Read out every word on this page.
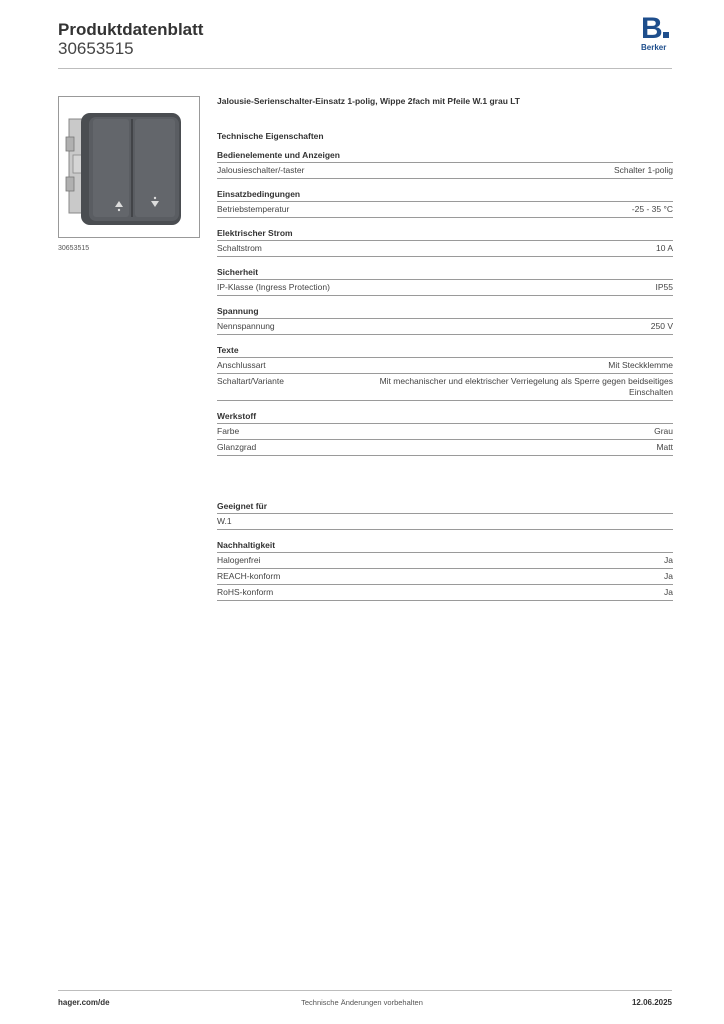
Produktdatenblatt
30653515
B
Berker
30653515
Jalousie-Serienschalter-Einsatz 1-polig, Wippe 2fach mit Pfeile W.1 grau LT
Technische Eigenschaften
Bedienelemente und Anzeigen
Jalousieschalter/-taster	Schalter 1-polig
Einsatzbedingungen
Betriebstemperatur	-25 - 35 °C
Elektrischer Strom
Schaltstrom	10 A
Sicherheit
IP-Klasse (Ingress Protection)	IP55
Spannung
Nennspannung	250 V
Texte
Anschlussart	Mit Steckklemme
Schaltart/Variante	Mit mechanischer und elektrischer Verriegelung als Sperre gegen beidseitiges Einschalten
Werkstoff
Farbe	Grau
Glanzgrad	Matt
Geeignet für
W.1
Nachhaltigkeit
Halogenfrei	Ja
REACH-konform	Ja
RoHS-konform	Ja
hager.com/de	Technische Änderungen vorbehalten	12.06.2025
